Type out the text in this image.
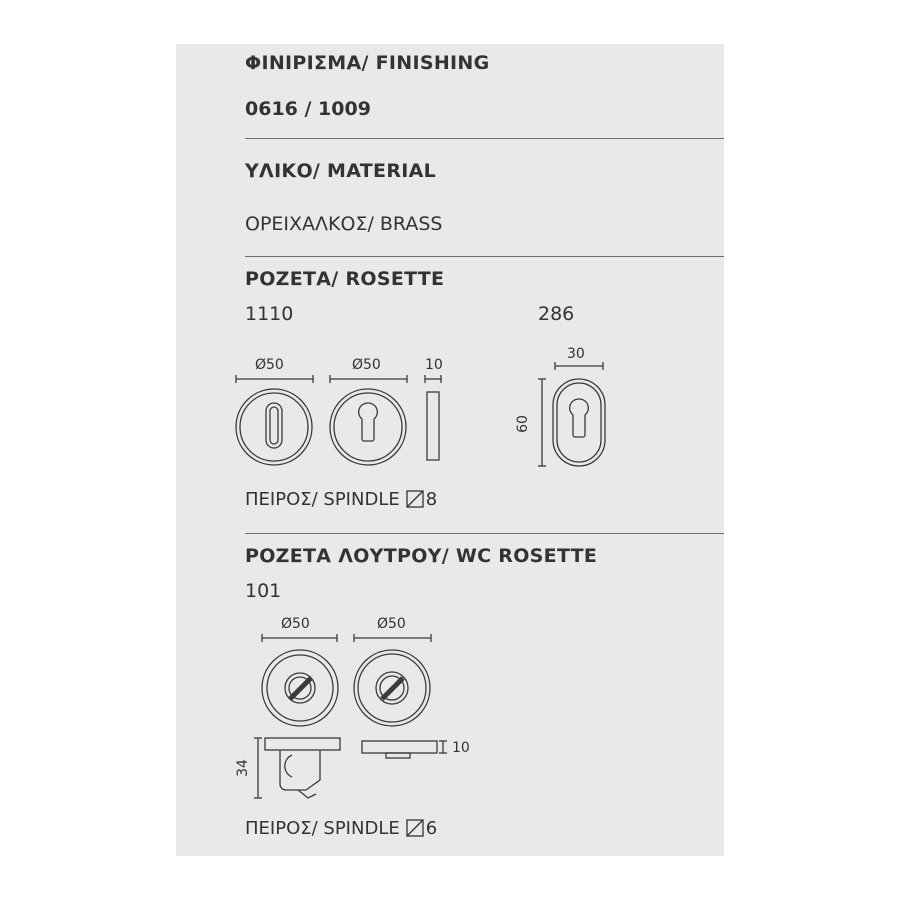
ΦΙΝΙΡΙΣΜΑ/ FINISHING
0616 / 1009
ΥΛΙΚΟ/ MATERIAL
ΟΡΕΙΧΑΛΚΟΣ/ BRASS
ΡΟΖΕΤΑ/ ROSETTE
1110	286
Ø50	Ø50	10
30
60
ΠΕΙΡΟΣ/ SPINDLE 8
ΡΟΖΕΤΑ ΛΟΥΤΡΟΥ/ WC ROSETTE
101
Ø50	Ø50
34
10
ΠΕΙΡΟΣ/ SPINDLE 6
